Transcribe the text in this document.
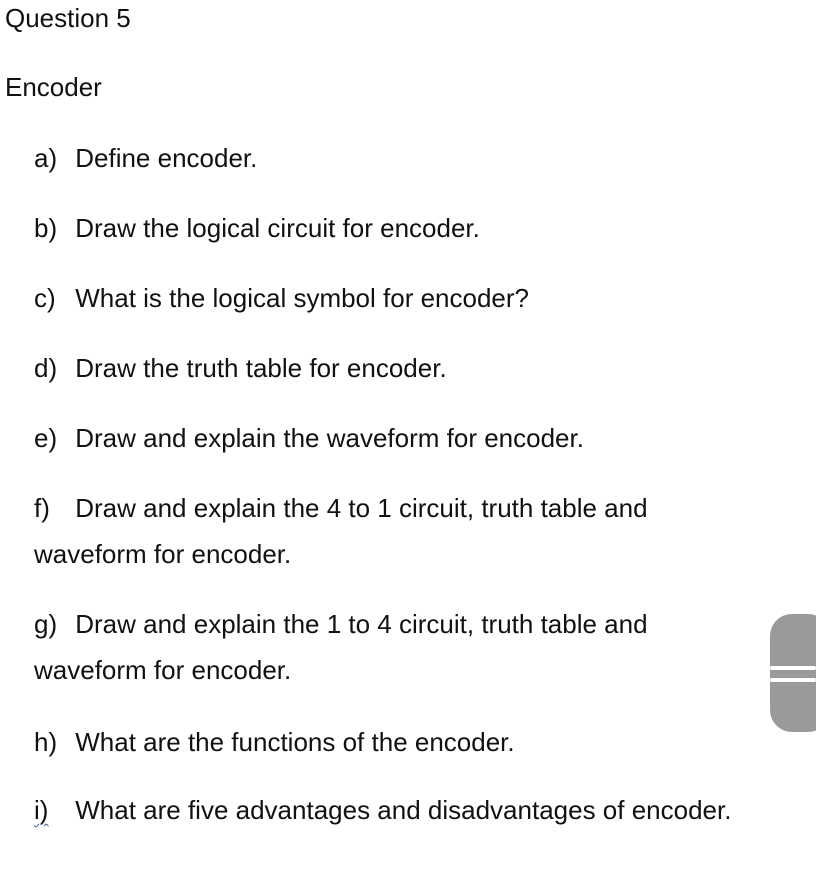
Question 5
Encoder
a) Define encoder.
b) Draw the logical circuit for encoder.
c) What is the logical symbol for encoder?
d) Draw the truth table for encoder.
e) Draw and explain the waveform for encoder.
f) Draw and explain the 4 to 1 circuit, truth table and waveform for encoder.
g) Draw and explain the 1 to 4 circuit, truth table and waveform for encoder.
h) What are the functions of the encoder.
i) What are five advantages and disadvantages of encoder.
